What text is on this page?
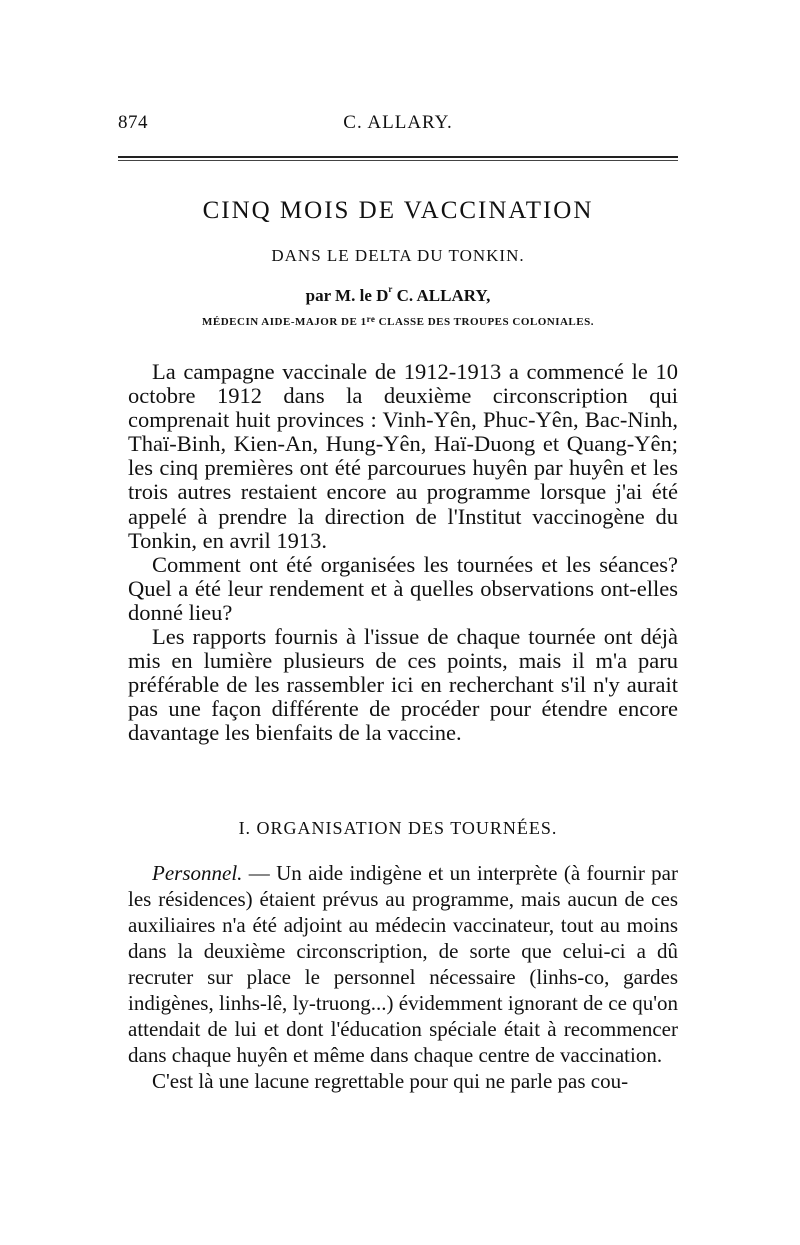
874	C. ALLARY.
CINQ MOIS DE VACCINATION
DANS LE DELTA DU TONKIN.
par M. le $D^r$ C. ALLARY,
MÉDECIN AIDE-MAJOR DE 1re CLASSE DES TROUPES COLONIALES.

La campagne vaccinale de 1912-1913 a commencé le 10 octobre 1912 dans la deuxième circonscription qui comprenait huit provinces : Vinh-Yên, Phuc-Yên, Bac-Ninh, Thaï-Binh, Kien-An, Hung-Yên, Haï-Duong et Quang-Yên; les cinq premières ont été parcourues huyên par huyên et les trois autres restaient encore au programme lorsque j'ai été appelé à prendre la direction de l'Institut vaccinogène du Tonkin, en avril 1913.

Comment ont été organisées les tournées et les séances? Quel a été leur rendement et à quelles observations ont-elles donné lieu?

Les rapports fournis à l'issue de chaque tournée ont déjà mis en lumière plusieurs de ces points, mais il m'a paru préférable de les rassembler ici en recherchant s'il n'y aurait pas une façon différente de procéder pour étendre encore davantage les bienfaits de la vaccine.

I. ORGANISATION DES TOURNÉES.

Personnel. — Un aide indigène et un interprète (à fournir par les résidences) étaient prévus au programme, mais aucun de ces auxiliaires n'a été adjoint au médecin vaccinateur, tout au moins dans la deuxième circonscription, de sorte que celui-ci a dû recruter sur place le personnel nécessaire (linhs-co, gardes indigènes, linhs-lê, ly-truong...) évidemment ignorant de ce qu'on attendait de lui et dont l'éducation spéciale était à recommencer dans chaque huyên et même dans chaque centre de vaccination.

C'est là une lacune regrettable pour qui ne parle pas cou-
